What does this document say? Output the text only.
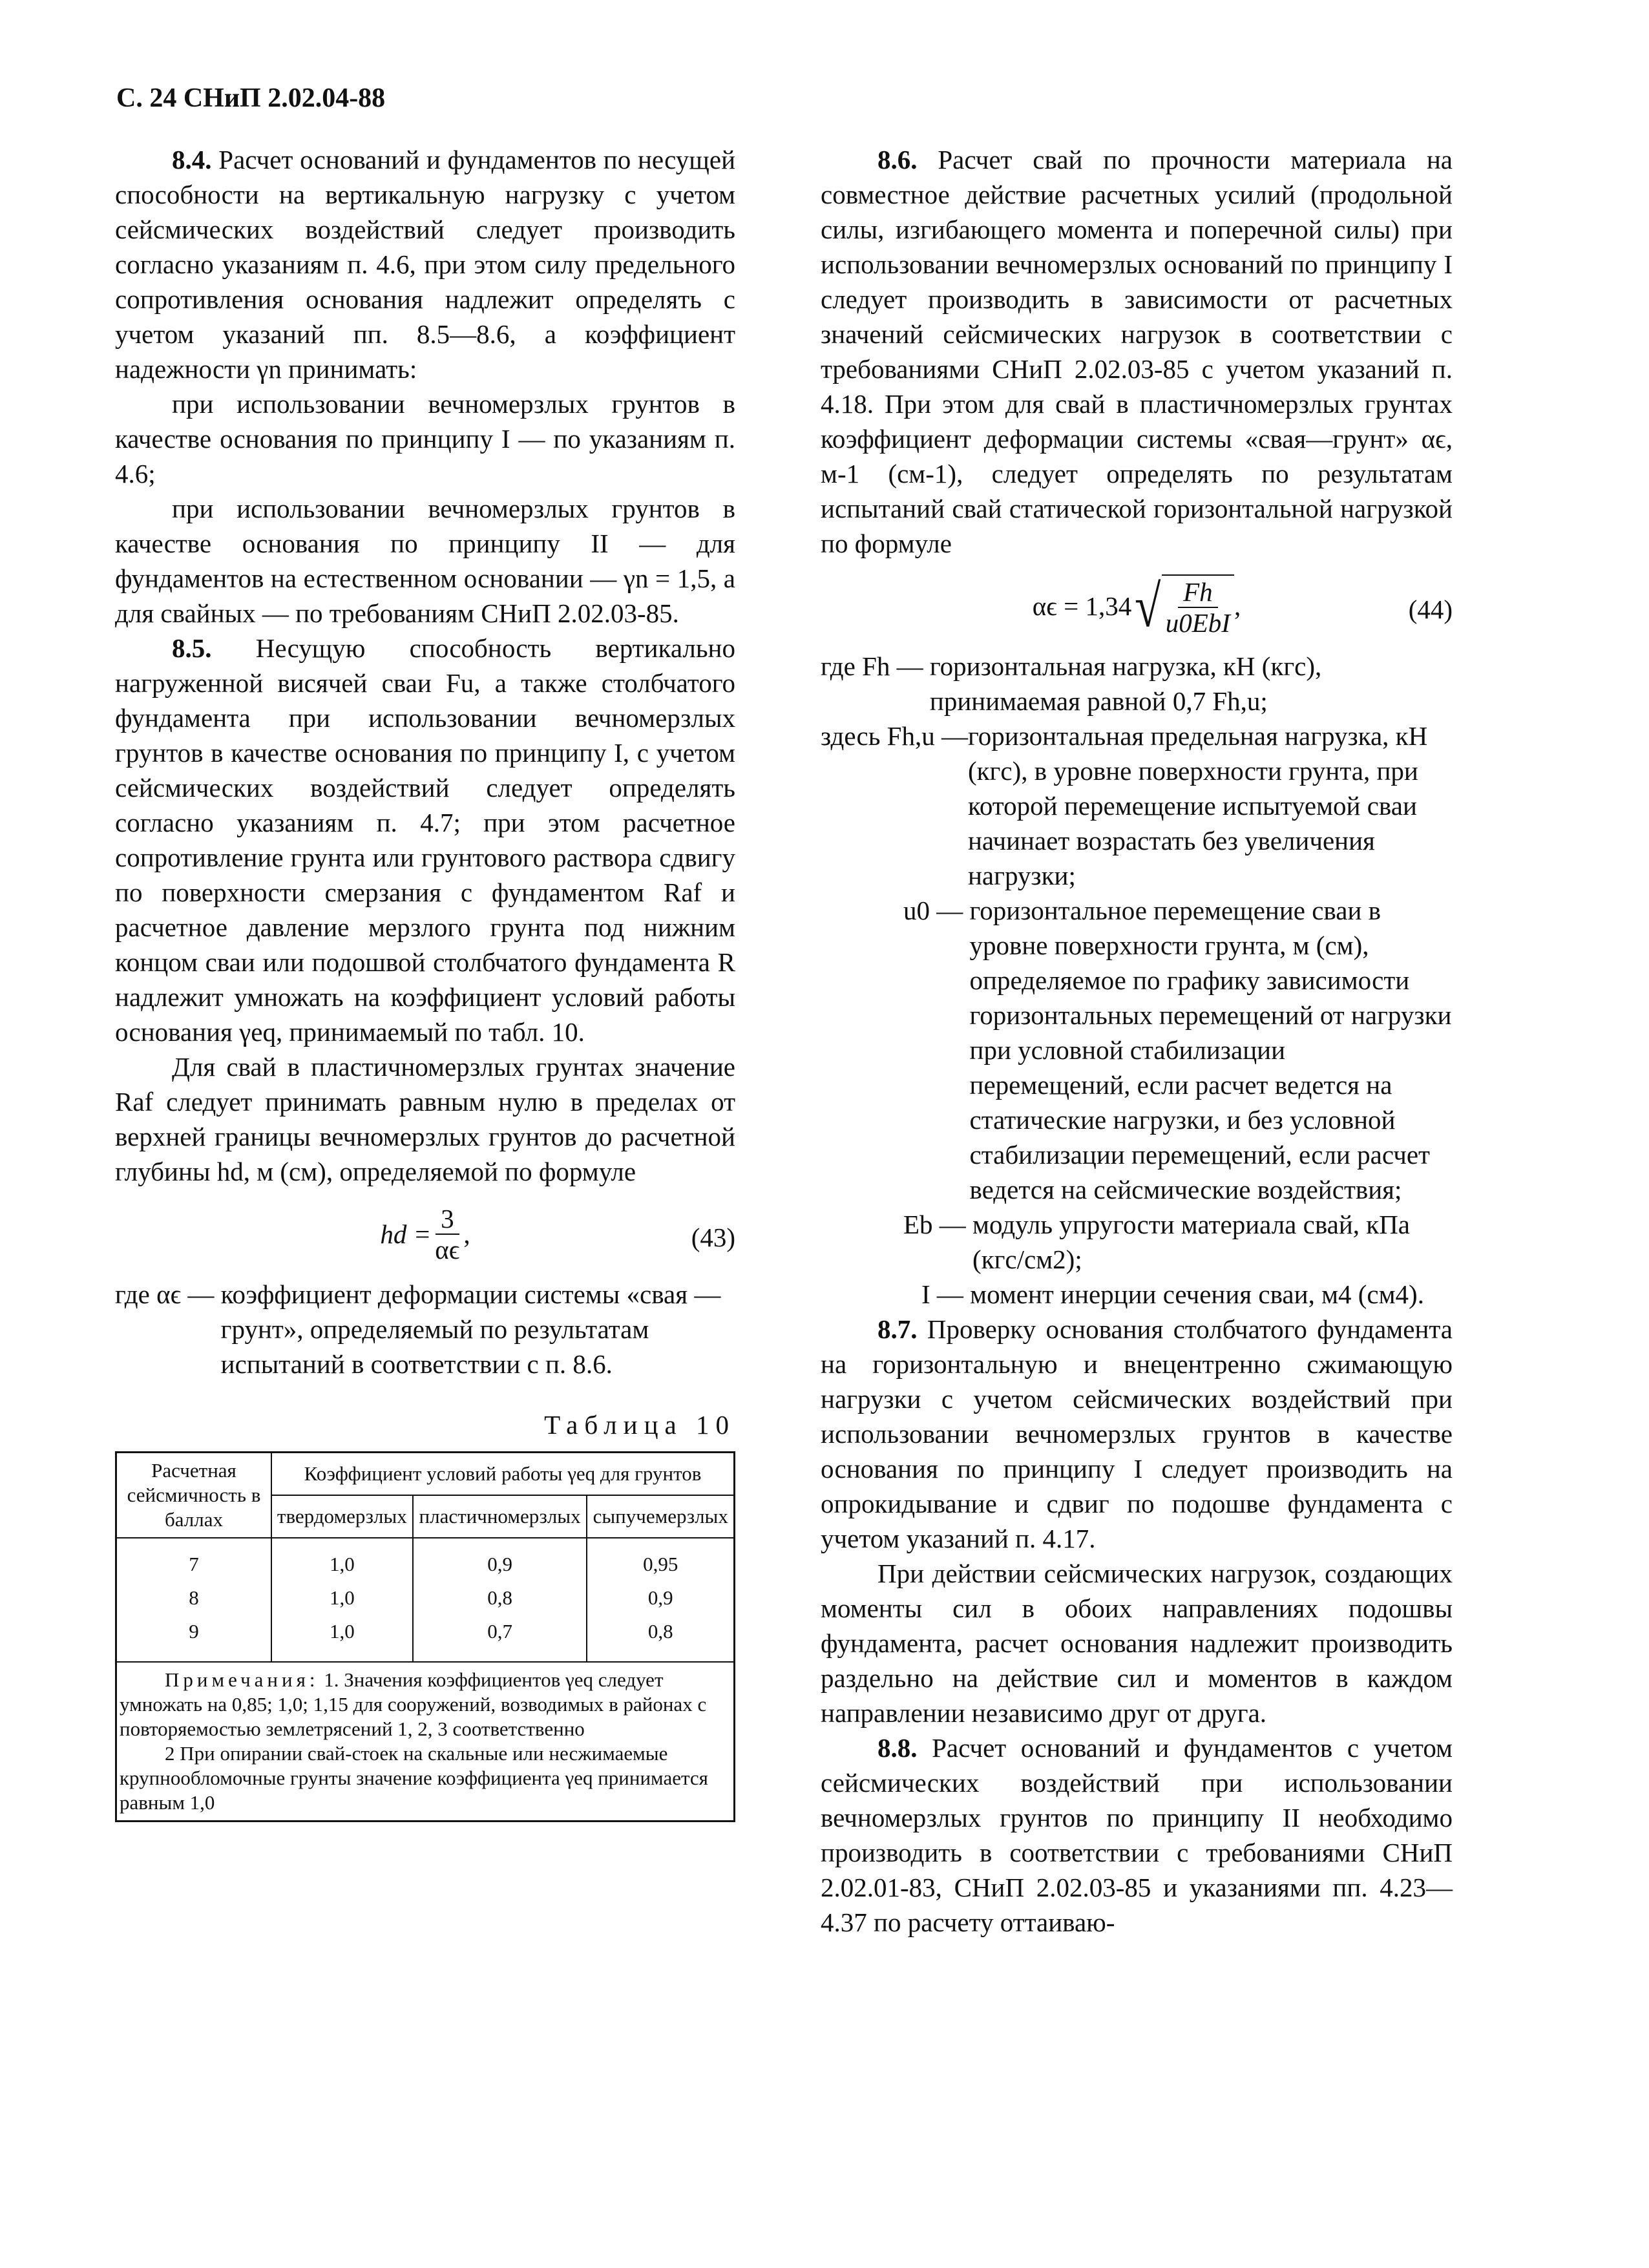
С. 24 СНиП 2.02.04-88

8.4. Расчет оснований и фундаментов по несущей способности на вертикальную нагрузку с учетом сейсмических воздействий следует производить согласно указаниям п. 4.6, при этом силу предельного сопротивления основания надлежит определять с учетом указаний пп. 8.5—8.6, а коэффициент надежности γn принимать:

при использовании вечномерзлых грунтов в качестве основания по принципу I — по указаниям п. 4.6;

при использовании вечномерзлых грунтов в качестве основания по принципу II — для фундаментов на естественном основании — γn = 1,5, а для свайных — по требованиям СНиП 2.02.03-85.

8.5. Несущую способность вертикально нагруженной висячей сваи Fu, а также столбчатого фундамента при использовании вечномерзлых грунтов в качестве основания по принципу I, с учетом сейсмических воздействий следует определять согласно указаниям п. 4.7; при этом расчетное сопротивление грунта или грунтового раствора сдвигу по поверхности смерзания с фундаментом Raf и расчетное давление мерзлого грунта под нижним концом сваи или подошвой столбчатого фундамента R надлежит умножать на коэффициент условий работы основания γeq, принимаемый по табл. 10.

Для свай в пластичномерзлых грунтах значение Raf следует принимать равным нулю в пределах от верхней границы вечномерзлых грунтов до расчетной глубины hd, м (см), определяемой по формуле

hd = $\frac{3}{\alpha\epsilon}$ ,	(43)
где αϵ — коэффициент деформации системы «свая — грунт», определяемый по результатам испытаний в соответствии с п. 8.6.

Таблица 10

Расчетная сейсмичность в баллах	Коэффициент условий работы γeq для грунтов		
	твердомерзлых	пластичномерзлых	сыпучемерзлых
7	1,0	0,9	0,95
8	1,0	0,8	0,9
9	1,0	0,7	0,8

Примечания: 1. Значения коэффициентов γeq следует умножать на 0,85; 1,0; 1,15 для сооружений, возводимых в районах с повторяемостью землетрясений 1, 2, 3 соответственно

2 При опирании свай-стоек на скальные или несжимаемые крупнообломочные грунты значение коэффициента γeq принимается равным 1,0			

8.6. Расчет свай по прочности материала на совместное действие расчетных усилий (продольной силы, изгибающего момента и поперечной силы) при использовании вечномерзлых оснований по принципу I следует производить в зависимости от расчетных значений сейсмических нагрузок в соответствии с требованиями СНиП 2.02.03-85 с учетом указаний п. 4.18. При этом для свай в пластичномерзлых грунтах коэффициент деформации системы «свая—грунт» αϵ, м-1 (см-1), следует определять по результатам испытаний свай статической горизонтальной нагрузкой по формуле

αϵ = 1,34 √ $\frac{Fh}{\text{u0EbI}}$ ,	(44)
где Fh — горизонтальная нагрузка, кН (кгс), принимаемая равной 0,7 Fh,u;
здесь Fh,u — горизонтальная предельная нагрузка, кН (кгс), в уровне поверхности грунта, при которой перемещение испытуемой сваи начинает возрастать без увеличения нагрузки;
u0 — горизонтальное перемещение сваи в уровне поверхности грунта, м (см), определяемое по графику зависимости горизонтальных перемещений от нагрузки при условной стабилизации перемещений, если расчет ведется на статические нагрузки, и без условной стабилизации перемещений, если расчет ведется на сейсмические воздействия;
Eb — модуль упругости материала свай, кПа (кгс/см2);
I — момент инерции сечения сваи, м4 (см4).

8.7. Проверку основания столбчатого фундамента на горизонтальную и внецентренно сжимающую нагрузки с учетом сейсмических воздействий при использовании вечномерзлых грунтов в качестве основания по принципу I следует производить на опрокидывание и сдвиг по подошве фундамента с учетом указаний п. 4.17.

При действии сейсмических нагрузок, создающих моменты сил в обоих направлениях подошвы фундамента, расчет основания надлежит производить раздельно на действие сил и моментов в каждом направлении независимо друг от друга.

8.8. Расчет оснований и фундаментов с учетом сейсмических воздействий при использовании вечномерзлых грунтов по принципу II необходимо производить в соответствии с требованиями СНиП 2.02.01-83, СНиП 2.02.03-85 и указаниями пп. 4.23—4.37 по расчету оттаиваю-
